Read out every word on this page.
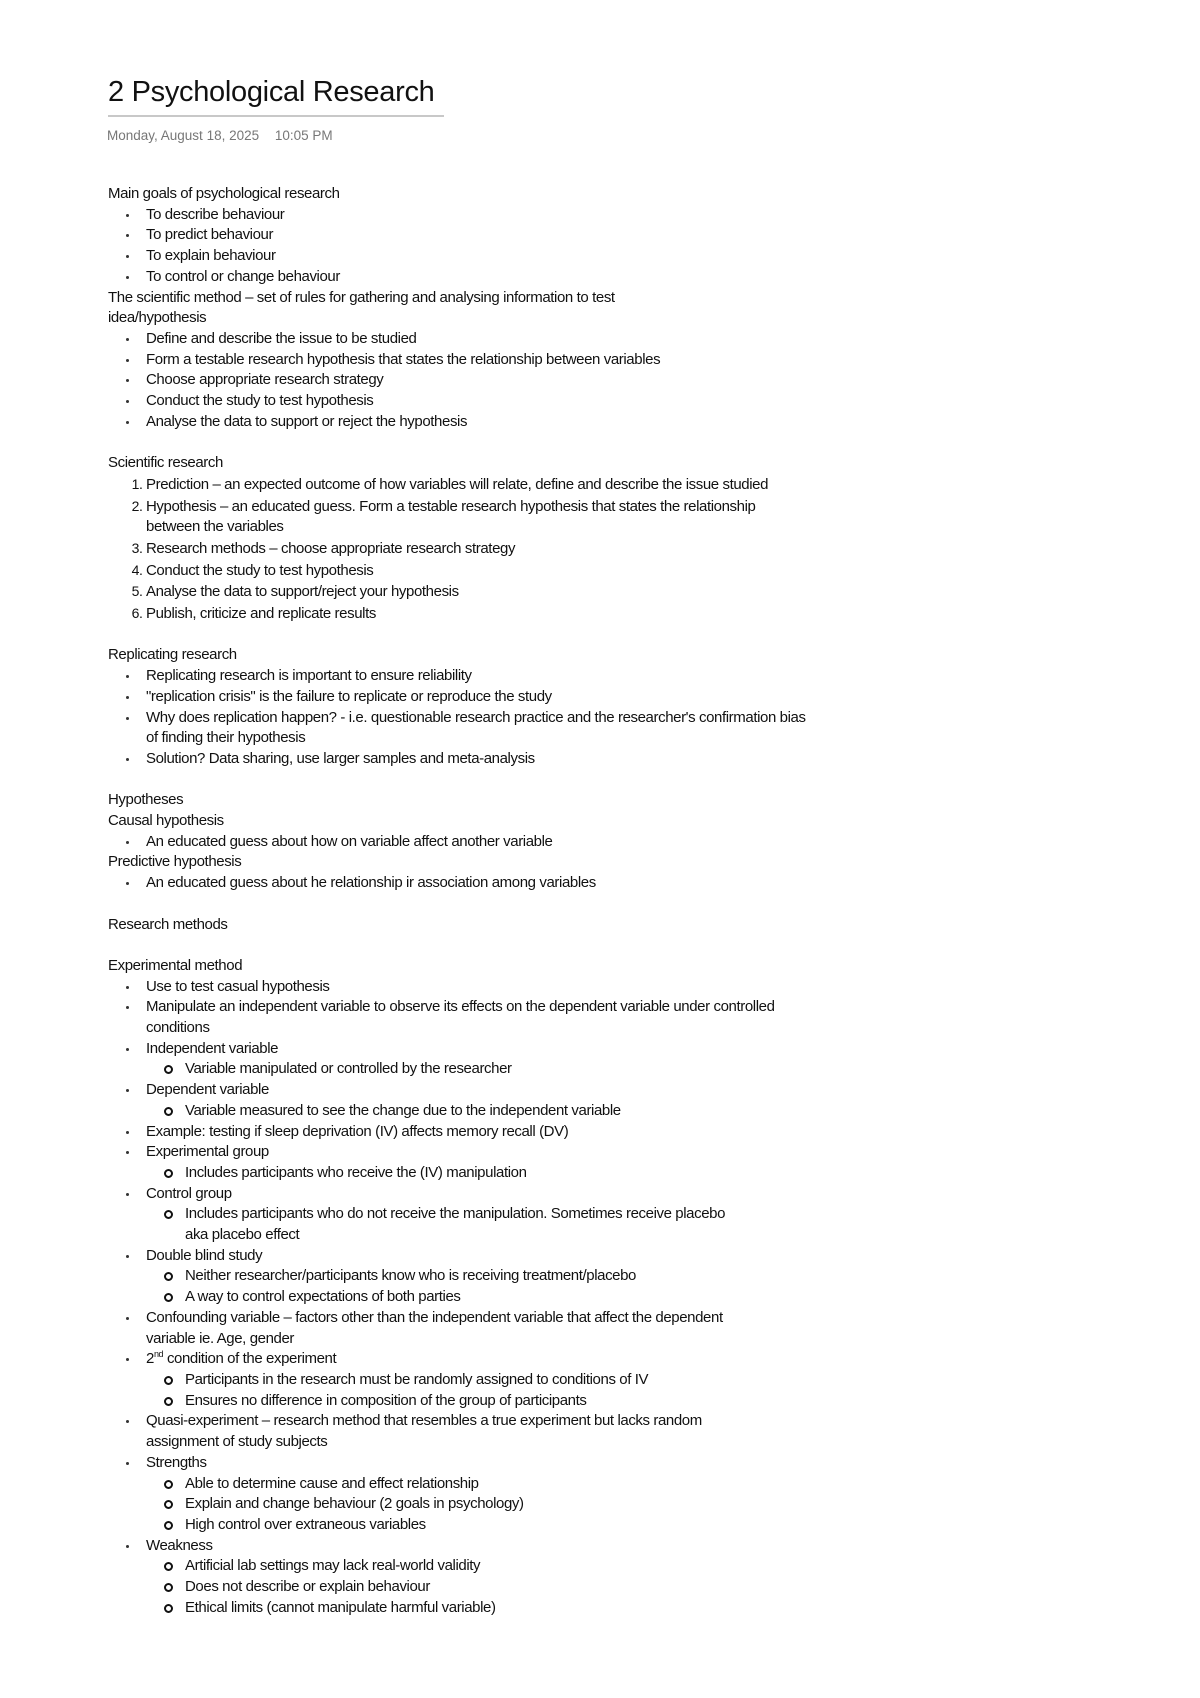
2 Psychological Research
Monday, August 18, 2025 10:05 PM

Main goals of psychological research

To describe behaviour
To predict behaviour
To explain behaviour
To control or change behaviour

The scientific method – set of rules for gathering and analysing information to test idea/hypothesis

Define and describe the issue to be studied
Form a testable research hypothesis that states the relationship between variables
Choose appropriate research strategy
Conduct the study to test hypothesis
Analyse the data to support or reject the hypothesis

Scientific research

1. Prediction – an expected outcome of how variables will relate, define and describe the issue studied
2. Hypothesis – an educated guess. Form a testable research hypothesis that states the relationship between the variables
3. Research methods – choose appropriate research strategy
4. Conduct the study to test hypothesis
5. Analyse the data to support/reject your hypothesis
6. Publish, criticize and replicate results

Replicating research

Replicating research is important to ensure reliability
"replication crisis" is the failure to replicate or reproduce the study
Why does replication happen? - i.e. questionable research practice and the researcher's confirmation bias of finding their hypothesis
Solution? Data sharing, use larger samples and meta-analysis

Hypotheses

Causal hypothesis

An educated guess about how on variable affect another variable

Predictive hypothesis

An educated guess about he relationship ir association among variables

Research methods

Experimental method

Use to test casual hypothesis
Manipulate an independent variable to observe its effects on the dependent variable under controlled conditions
Independent variable
Variable manipulated or controlled by the researcher
Dependent variable
Variable measured to see the change due to the independent variable
Example: testing if sleep deprivation (IV) affects memory recall (DV)
Experimental group
Includes participants who receive the (IV) manipulation
Control group
Includes participants who do not receive the manipulation. Sometimes receive placebo aka placebo effect
Double blind study
Neither researcher/participants know who is receiving treatment/placebo
A way to control expectations of both parties
Confounding variable – factors other than the independent variable that affect the dependent variable ie. Age, gender
2nd condition of the experiment
Participants in the research must be randomly assigned to conditions of IV
Ensures no difference in composition of the group of participants
Quasi-experiment – research method that resembles a true experiment but lacks random assignment of study subjects
Strengths
Able to determine cause and effect relationship
Explain and change behaviour (2 goals in psychology)
High control over extraneous variables
Weakness
Artificial lab settings may lack real-world validity
Does not describe or explain behaviour
Ethical limits (cannot manipulate harmful variable)
